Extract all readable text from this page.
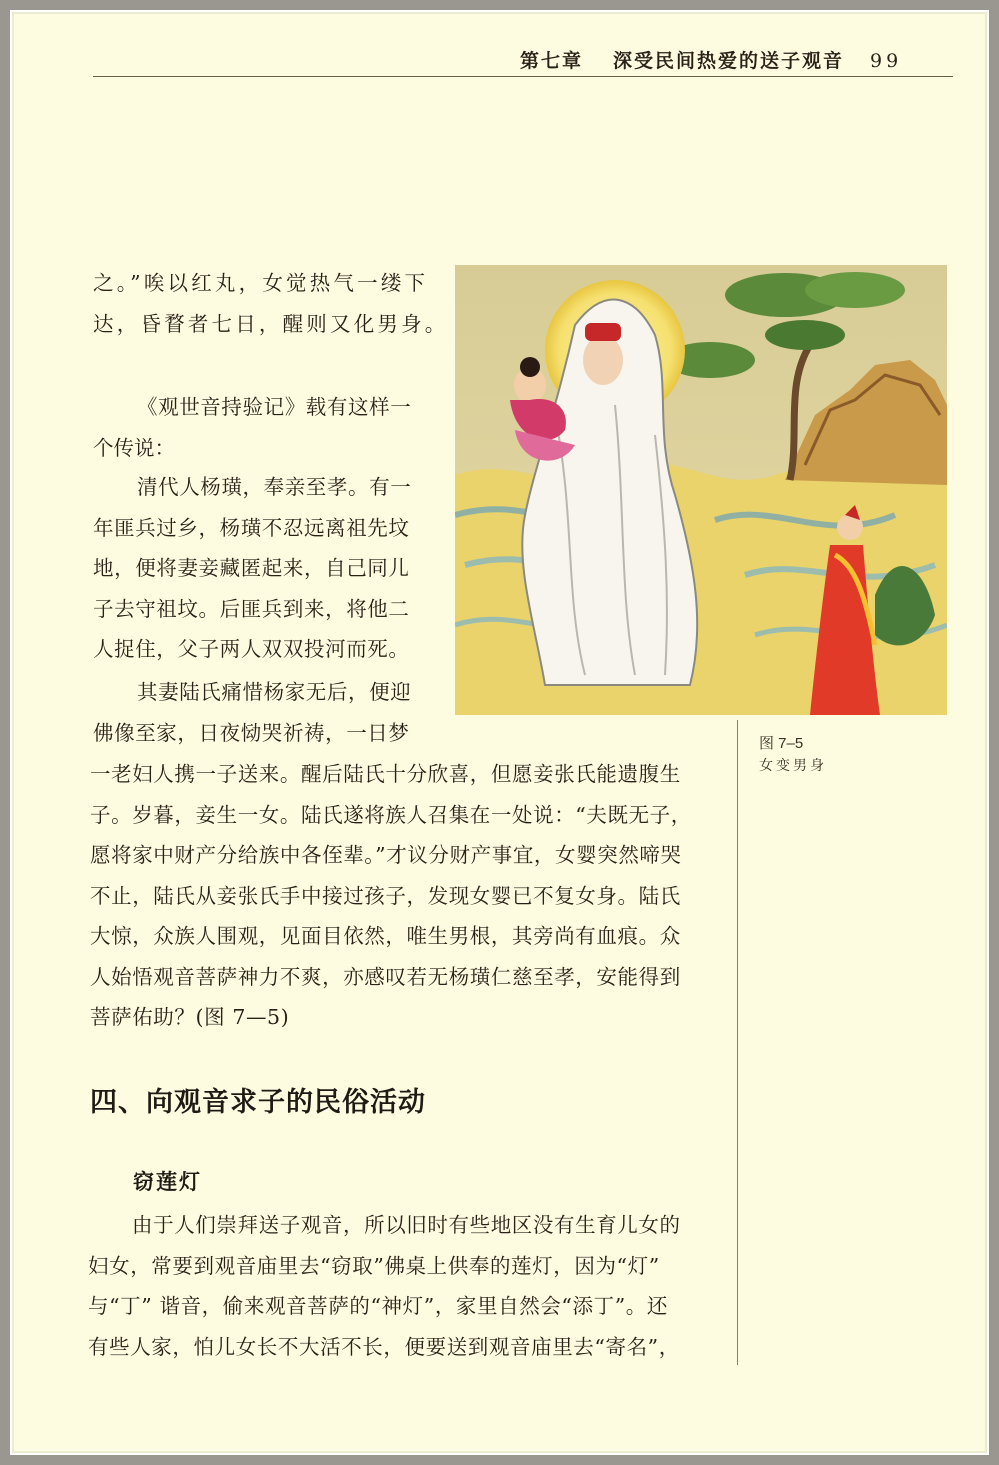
第七章 深受民间热爱的送子观音 99

之。”唉以红丸，女觉热气一缕下

达，昏瞀者七日，醒则又化男身。

《观世音持验记》载有这样一

个传说：

清代人杨璜，奉亲至孝。有一

年匪兵过乡，杨璜不忍远离祖先坟

地，便将妻妾藏匿起来，自己同儿

子去守祖坟。后匪兵到来，将他二

人捉住，父子两人双双投河而死。

其妻陆氏痛惜杨家无后，便迎

佛像至家，日夜恸哭祈祷，一日梦

一老妇人携一子送来。醒后陆氏十分欣喜，但愿妾张氏能遗腹生

子。岁暮，妾生一女。陆氏遂将族人召集在一处说：“夫既无子，

愿将家中财产分给族中各侄辈。”才议分财产事宜，女婴突然啼哭

不止，陆氏从妾张氏手中接过孩子，发现女婴已不复女身。陆氏

大惊，众族人围观，见面目依然，唯生男根，其旁尚有血痕。众

人始悟观音菩萨神力不爽，亦感叹若无杨璜仁慈至孝，安能得到

菩萨佑助？(图 7—5)

图 7–5
女变男身
四、向观音求子的民俗活动
窃莲灯

由于人们崇拜送子观音，所以旧时有些地区没有生育儿女的

妇女，常要到观音庙里去“窃取”佛桌上供奉的莲灯，因为“灯”

与“丁” 谐音，偷来观音菩萨的“神灯”，家里自然会“添丁”。还

有些人家，怕儿女长不大活不长，便要送到观音庙里去“寄名”，
